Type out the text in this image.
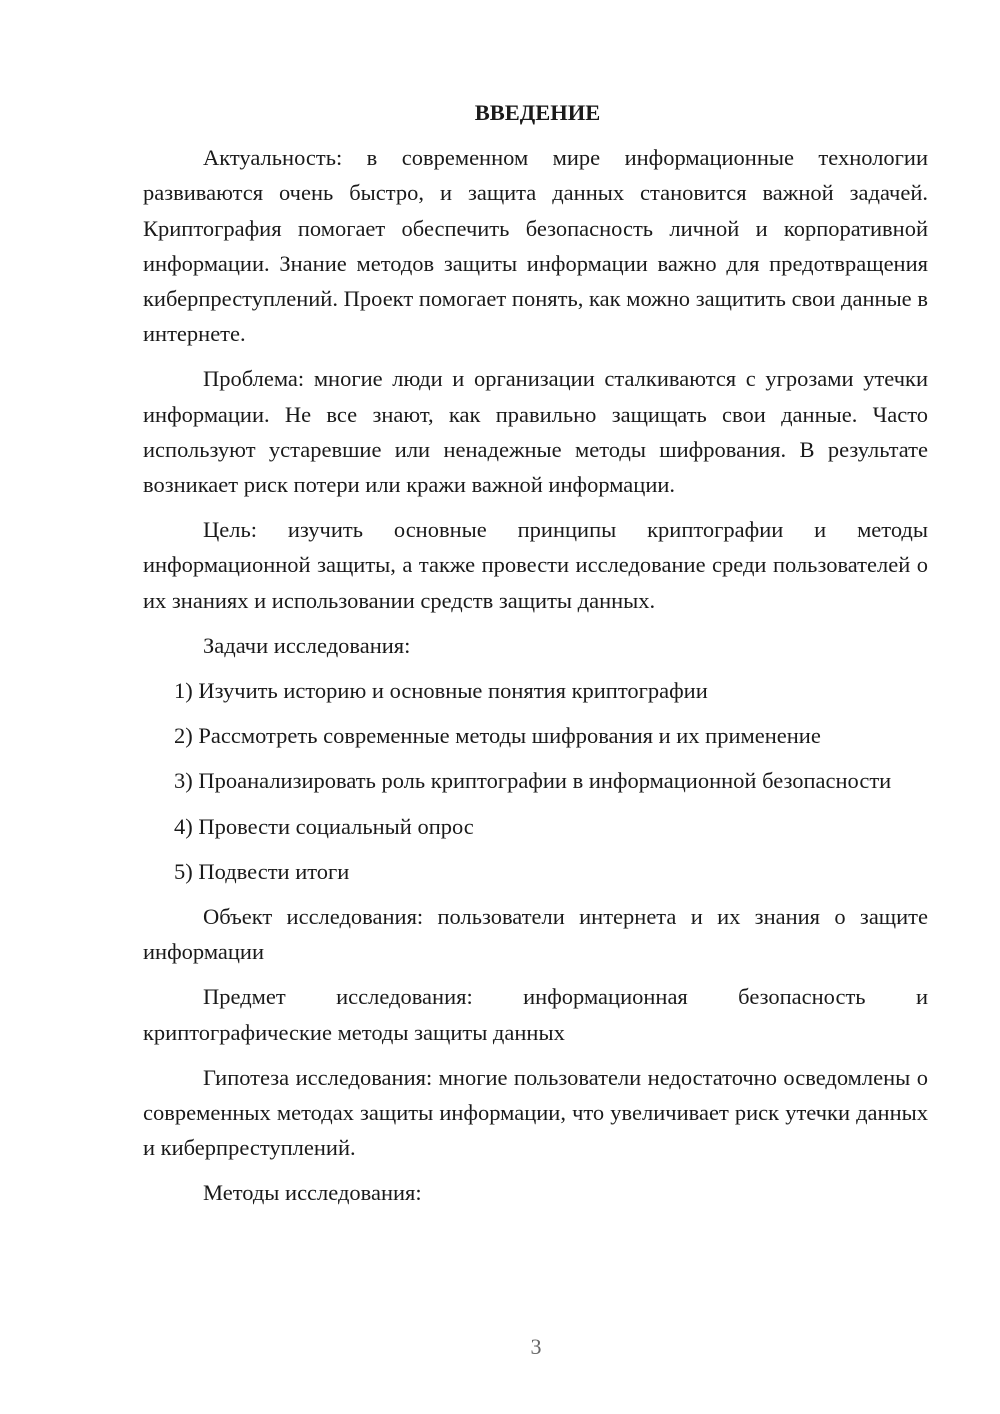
ВВЕДЕНИЕ

Актуальность: в современном мире информационные технологии развиваются очень быстро, и защита данных становится важной задачей. Криптография помогает обеспечить безопасность личной и корпоративной информации. Знание методов защиты информации важно для предотвращения киберпреступлений. Проект помогает понять, как можно защитить свои данные в интернете.

Проблема: многие люди и организации сталкиваются с угрозами утечки информации. Не все знают, как правильно защищать свои данные. Часто используют устаревшие или ненадежные методы шифрования. В результате возникает риск потери или кражи важной информации.

Цель: изучить основные принципы криптографии и методы информационной защиты, а также провести исследование среди пользователей о их знаниях и использовании средств защиты данных.

Задачи исследования:

1) Изучить историю и основные понятия криптографии

2) Рассмотреть современные методы шифрования и их применение

3) Проанализировать роль криптографии в информационной безопасности

4) Провести социальный опрос

5) Подвести итоги

Объект исследования: пользователи интернета и их знания о защите информации

Предмет исследования: информационная безопасность и криптографические методы защиты данных

Гипотеза исследования: многие пользователи недостаточно осведомлены о современных методах защиты информации, что увеличивает риск утечки данных и киберпреступлений.

Методы исследования:

3
